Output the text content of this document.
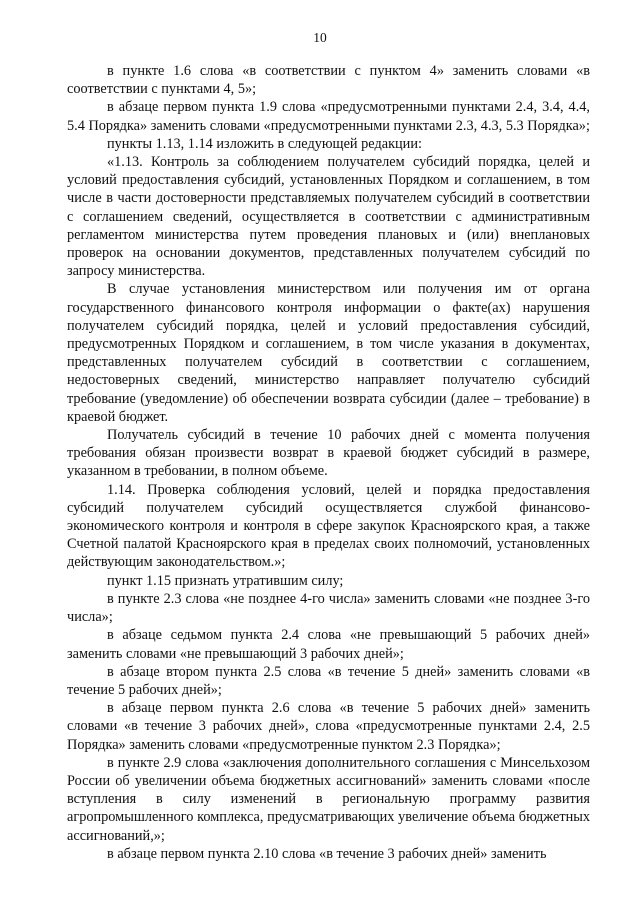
10

в пункте 1.6 слова «в соответствии с пунктом 4» заменить словами «в соответствии с пунктами 4, 5»;

в абзаце первом пункта 1.9 слова «предусмотренными пунктами 2.4, 3.4, 4.4, 5.4 Порядка» заменить словами «предусмотренными пунктами 2.3, 4.3, 5.3 Порядка»;

пункты 1.13, 1.14 изложить в следующей редакции:

«1.13. Контроль за соблюдением получателем субсидий порядка, целей и условий предоставления субсидий, установленных Порядком и соглашением, в том числе в части достоверности представляемых получателем субсидий в соответствии с соглашением сведений, осуществляется в соответствии с административным регламентом министерства путем проведения плановых и (или) внеплановых проверок на основании документов, представленных получателем субсидий по запросу министерства.

В случае установления министерством или получения им от органа государственного финансового контроля информации о факте(ах) нарушения получателем субсидий порядка, целей и условий предоставления субсидий, предусмотренных Порядком и соглашением, в том числе указания в документах, представленных получателем субсидий в соответствии с соглашением, недостоверных сведений, министерство направляет получателю субсидий требование (уведомление) об обеспечении возврата субсидии (далее – требование) в краевой бюджет.

Получатель субсидий в течение 10 рабочих дней с момента получения требования обязан произвести возврат в краевой бюджет субсидий в размере, указанном в требовании, в полном объеме.

1.14. Проверка соблюдения условий, целей и порядка предоставления субсидий получателем субсидий осуществляется службой финансово-экономического контроля и контроля в сфере закупок Красноярского края, а также Счетной палатой Красноярского края в пределах своих полномочий, установленных действующим законодательством.»;

пункт 1.15 признать утратившим силу;

в пункте 2.3 слова «не позднее 4-го числа» заменить словами «не позднее 3-го числа»;

в абзаце седьмом пункта 2.4 слова «не превышающий 5 рабочих дней» заменить словами «не превышающий 3 рабочих дней»;

в абзаце втором пункта 2.5 слова «в течение 5 дней» заменить словами «в течение 5 рабочих дней»;

в абзаце первом пункта 2.6 слова «в течение 5 рабочих дней» заменить словами «в течение 3 рабочих дней», слова «предусмотренные пунктами 2.4, 2.5 Порядка» заменить словами «предусмотренные пунктом 2.3 Порядка»;

в пункте 2.9 слова «заключения дополнительного соглашения с Минсельхозом России об увеличении объема бюджетных ассигнований» заменить словами «после вступления в силу изменений в региональную программу развития агропромышленного комплекса, предусматривающих увеличение объема бюджетных ассигнований,»;

в абзаце первом пункта 2.10 слова «в течение 3 рабочих дней» заменить
